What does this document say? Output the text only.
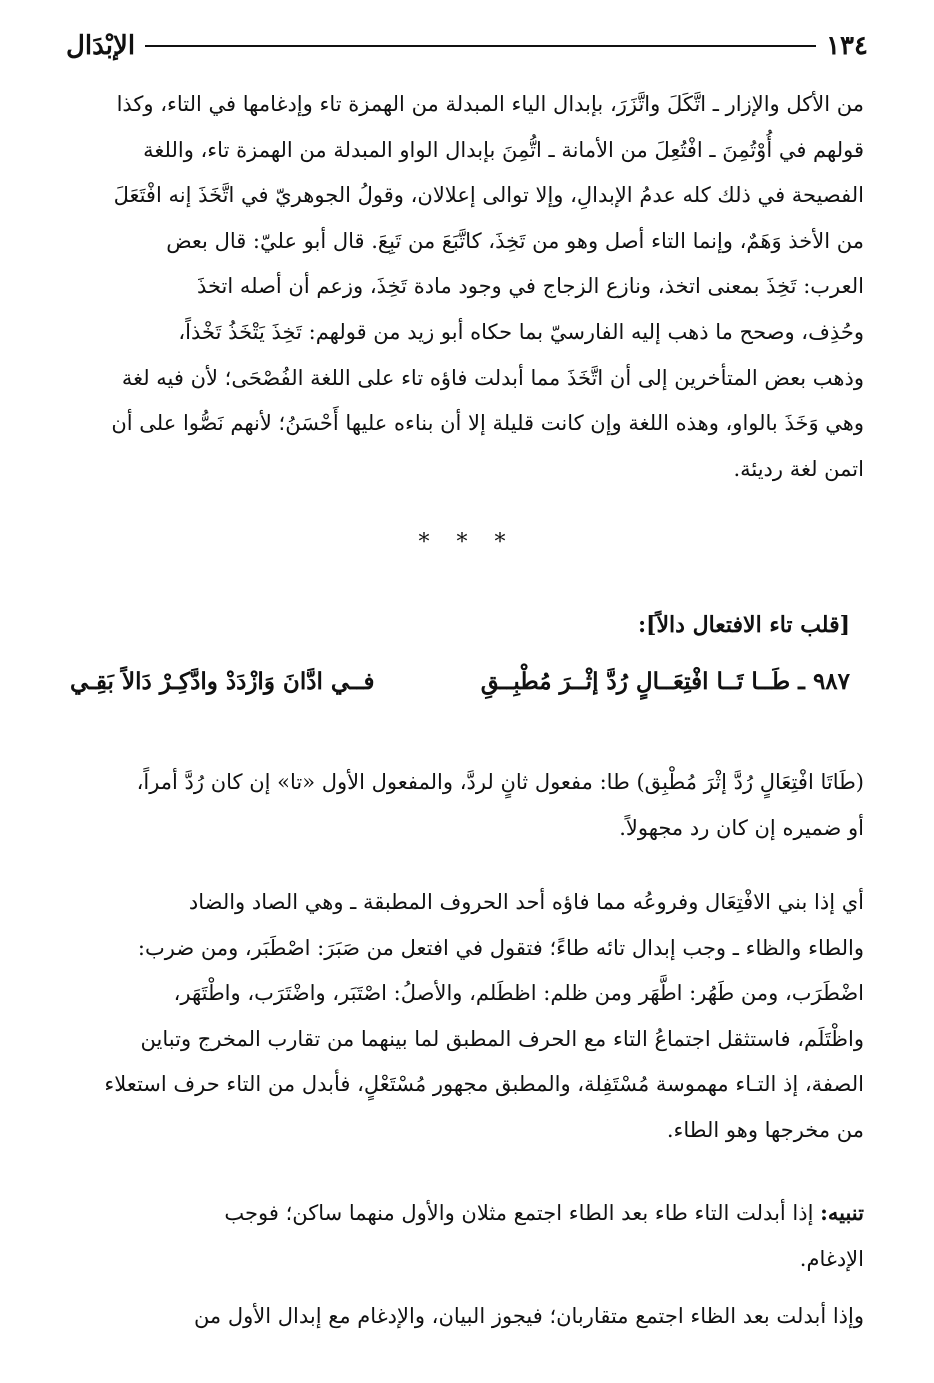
١٣٤
الإبْدَال

من الأكل والإزار ـ اتَّكَلَ واتَّزَرَ، بإبدال الياء المبدلة من الهمزة تاء وإدغامها في التاء، وكذا

قولهم في أُوْتُمِنَ ـ افْتُعِلَ من الأمانة ـ اتُّمِنَ بإبدال الواو المبدلة من الهمزة تاء، واللغة

الفصيحة في ذلك كله عدمُ الإبدالِ، وإلا توالى إعلالان، وقولُ الجوهريّ في اتَّخَذَ إنه افْتَعَلَ

من الأخذ وَهَمٌ، وإنما التاء أصل وهو من تَخِذَ، كاتَّبَعَ من تَبِعَ. قال أبو عليّ: قال بعض

العرب: تَخِذَ بمعنى اتخذ، ونازع الزجاج في وجود مادة تَخِذَ، وزعم أن أصله اتخذَ

وحُذِف، وصحح ما ذهب إليه الفارسيّ بما حكاه أبو زيد من قولهم: تَخِذَ يَتْخَذُ تَخْذاً،

وذهب بعض المتأخرين إلى أن اتَّخَذَ مما أبدلت فاؤه تاء على اللغة الفُصْحَى؛ لأن فيه لغة

وهي وَخَذَ بالواو، وهذه اللغة وإن كانت قليلة إلا أن بناءه عليها أَحْسَنُ؛ لأنهم نَصُّوا على أن

اتمن لغة رديئة.

* * *
[قلب تاء الافتعال دالاً]:
٩٨٧ ـ طَــا تَــا افْتِعَــالٍ رُدَّ إثْــرَ مُطْبِــقِ
فــي ادَّانَ وَازْدَدْ وادَّكِـرْ دَالاً بَقِـي

(طَاتَا افْتِعَالٍ رُدَّ إثْرَ مُطْبِق) طا: مفعول ثانٍ لردَّ، والمفعول الأول «تا» إن كان رُدَّ أمراً،

أو ضميره إن كان رد مجهولاً.

أي إذا بني الافْتِعَال وفروعُه مما فاؤه أحد الحروف المطبقة ـ وهي الصاد والضاد

والطاء والظاء ـ وجب إبدال تائه طاءً؛ فتقول في افتعل من صَبَرَ: اصْطَبَر، ومن ضرب:

اضْطَرَب، ومن طَهُر: اطَّهَر ومن ظلم: اظطَلم، والأصلُ: اصْتَبَر، واضْتَرَب، واطْتَهَر،

واظْتَلَم، فاستثقل اجتماعُ التاء مع الحرف المطبق لما بينهما من تقارب المخرج وتباين

الصفة، إذ التـاء مهموسة مُسْتَفِلة، والمطبق مجهور مُسْتَعْلٍ، فأبدل من التاء حرف استعلاء

من مخرجها وهو الطاء.

تنبيه: إذا أبدلت التاء طاء بعد الطاء اجتمع مثلان والأول منهما ساكن؛ فوجب

الإدغام.

وإذا أبدلت بعد الظاء اجتمع متقاربان؛ فيجوز البيان، والإدغام مع إبدال الأول من
